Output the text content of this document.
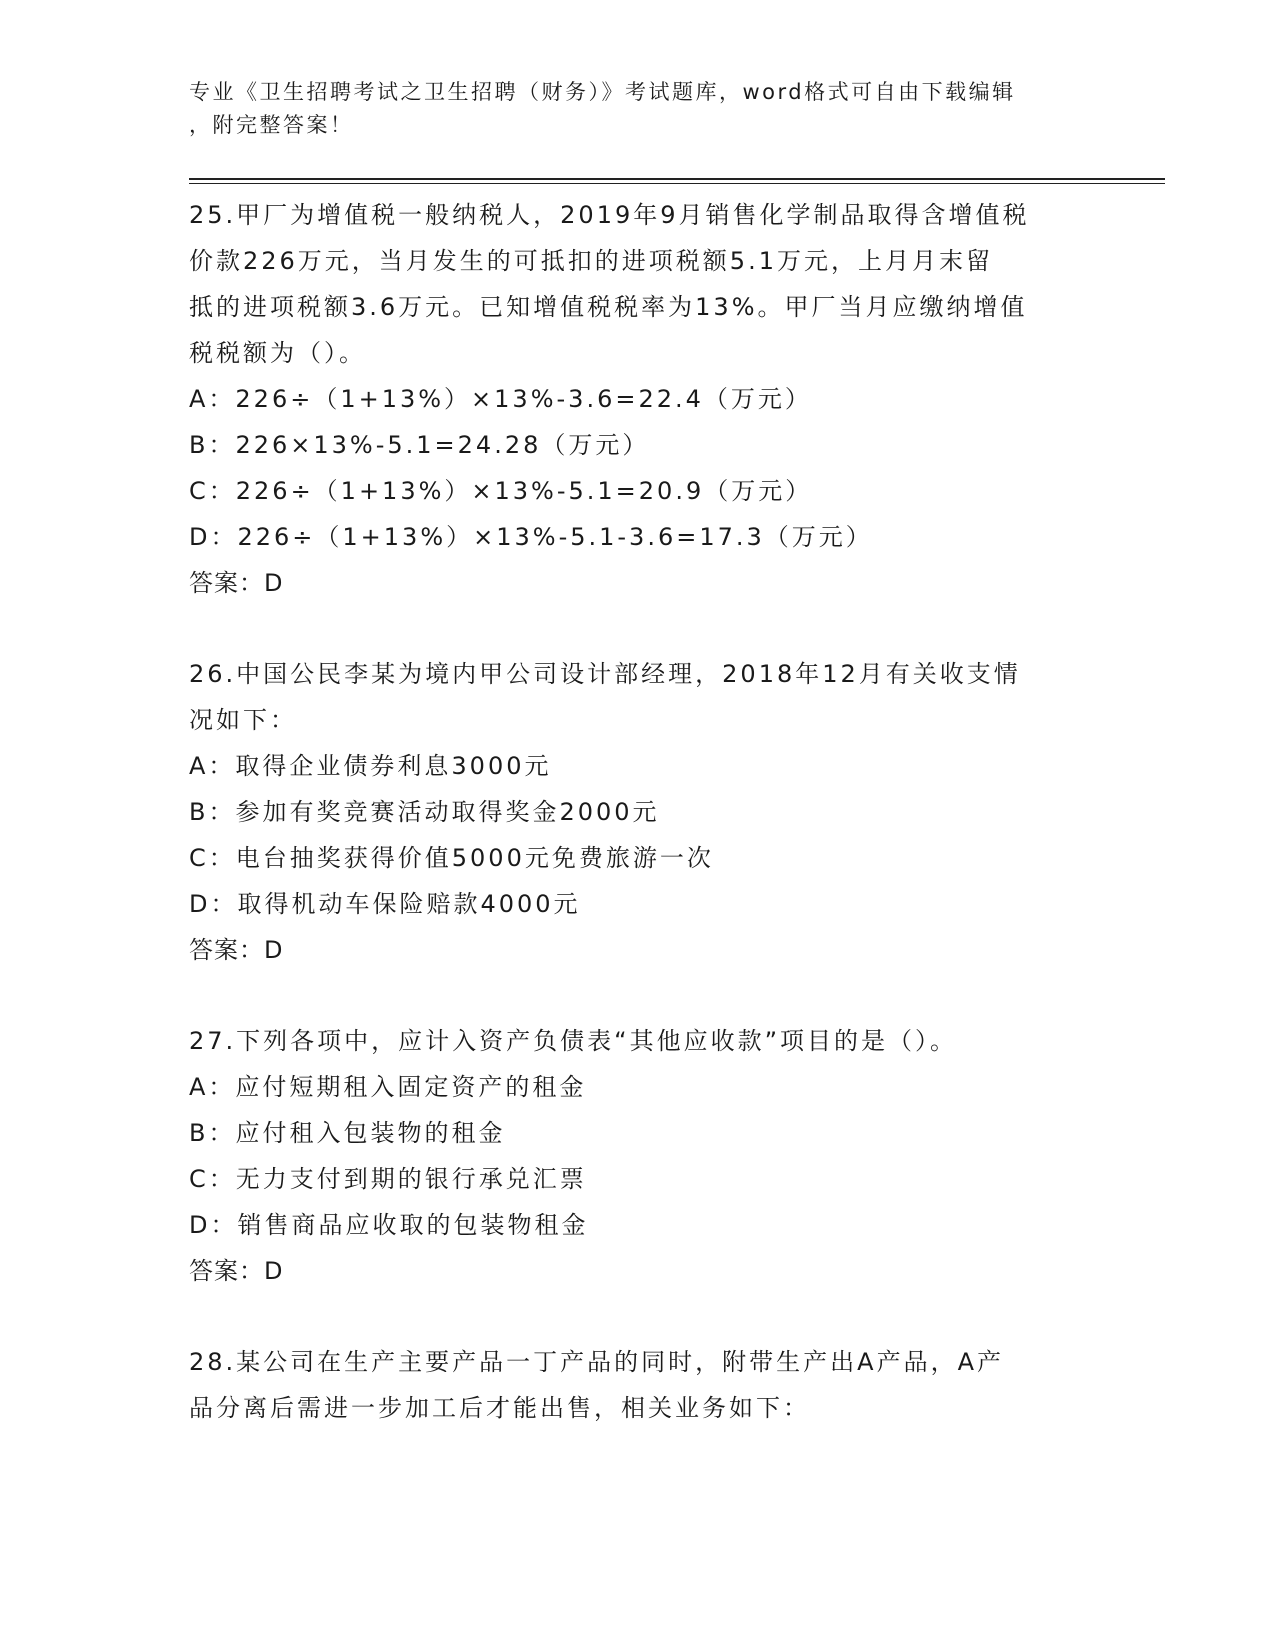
专业《卫生招聘考试之卫生招聘（财务）》考试题库，word格式可自由下载编辑
，附完整答案！
25.甲厂为增值税一般纳税人，2019年9月销售化学制品取得含增值税
价款226万元，当月发生的可抵扣的进项税额5.1万元，上月月末留
抵的进项税额3.6万元。已知增值税税率为13%。甲厂当月应缴纳增值
税税额为（）。
A：226÷（1+13%）×13%-3.6=22.4（万元）
B：226×13%-5.1=24.28（万元）
C：226÷（1+13%）×13%-5.1=20.9（万元）
D：226÷（1+13%）×13%-5.1-3.6=17.3（万元）
答案：D
26.中国公民李某为境内甲公司设计部经理，2018年12月有关收支情
况如下：
A：取得企业债券利息3000元
B：参加有奖竞赛活动取得奖金2000元
C：电台抽奖获得价值5000元免费旅游一次
D：取得机动车保险赔款4000元
答案：D
27.下列各项中，应计入资产负债表“其他应收款”项目的是（）。
A：应付短期租入固定资产的租金
B：应付租入包装物的租金
C：无力支付到期的银行承兑汇票
D：销售商品应收取的包装物租金
答案：D
28.某公司在生产主要产品一丁产品的同时，附带生产出A产品，A产
品分离后需进一步加工后才能出售，相关业务如下：
